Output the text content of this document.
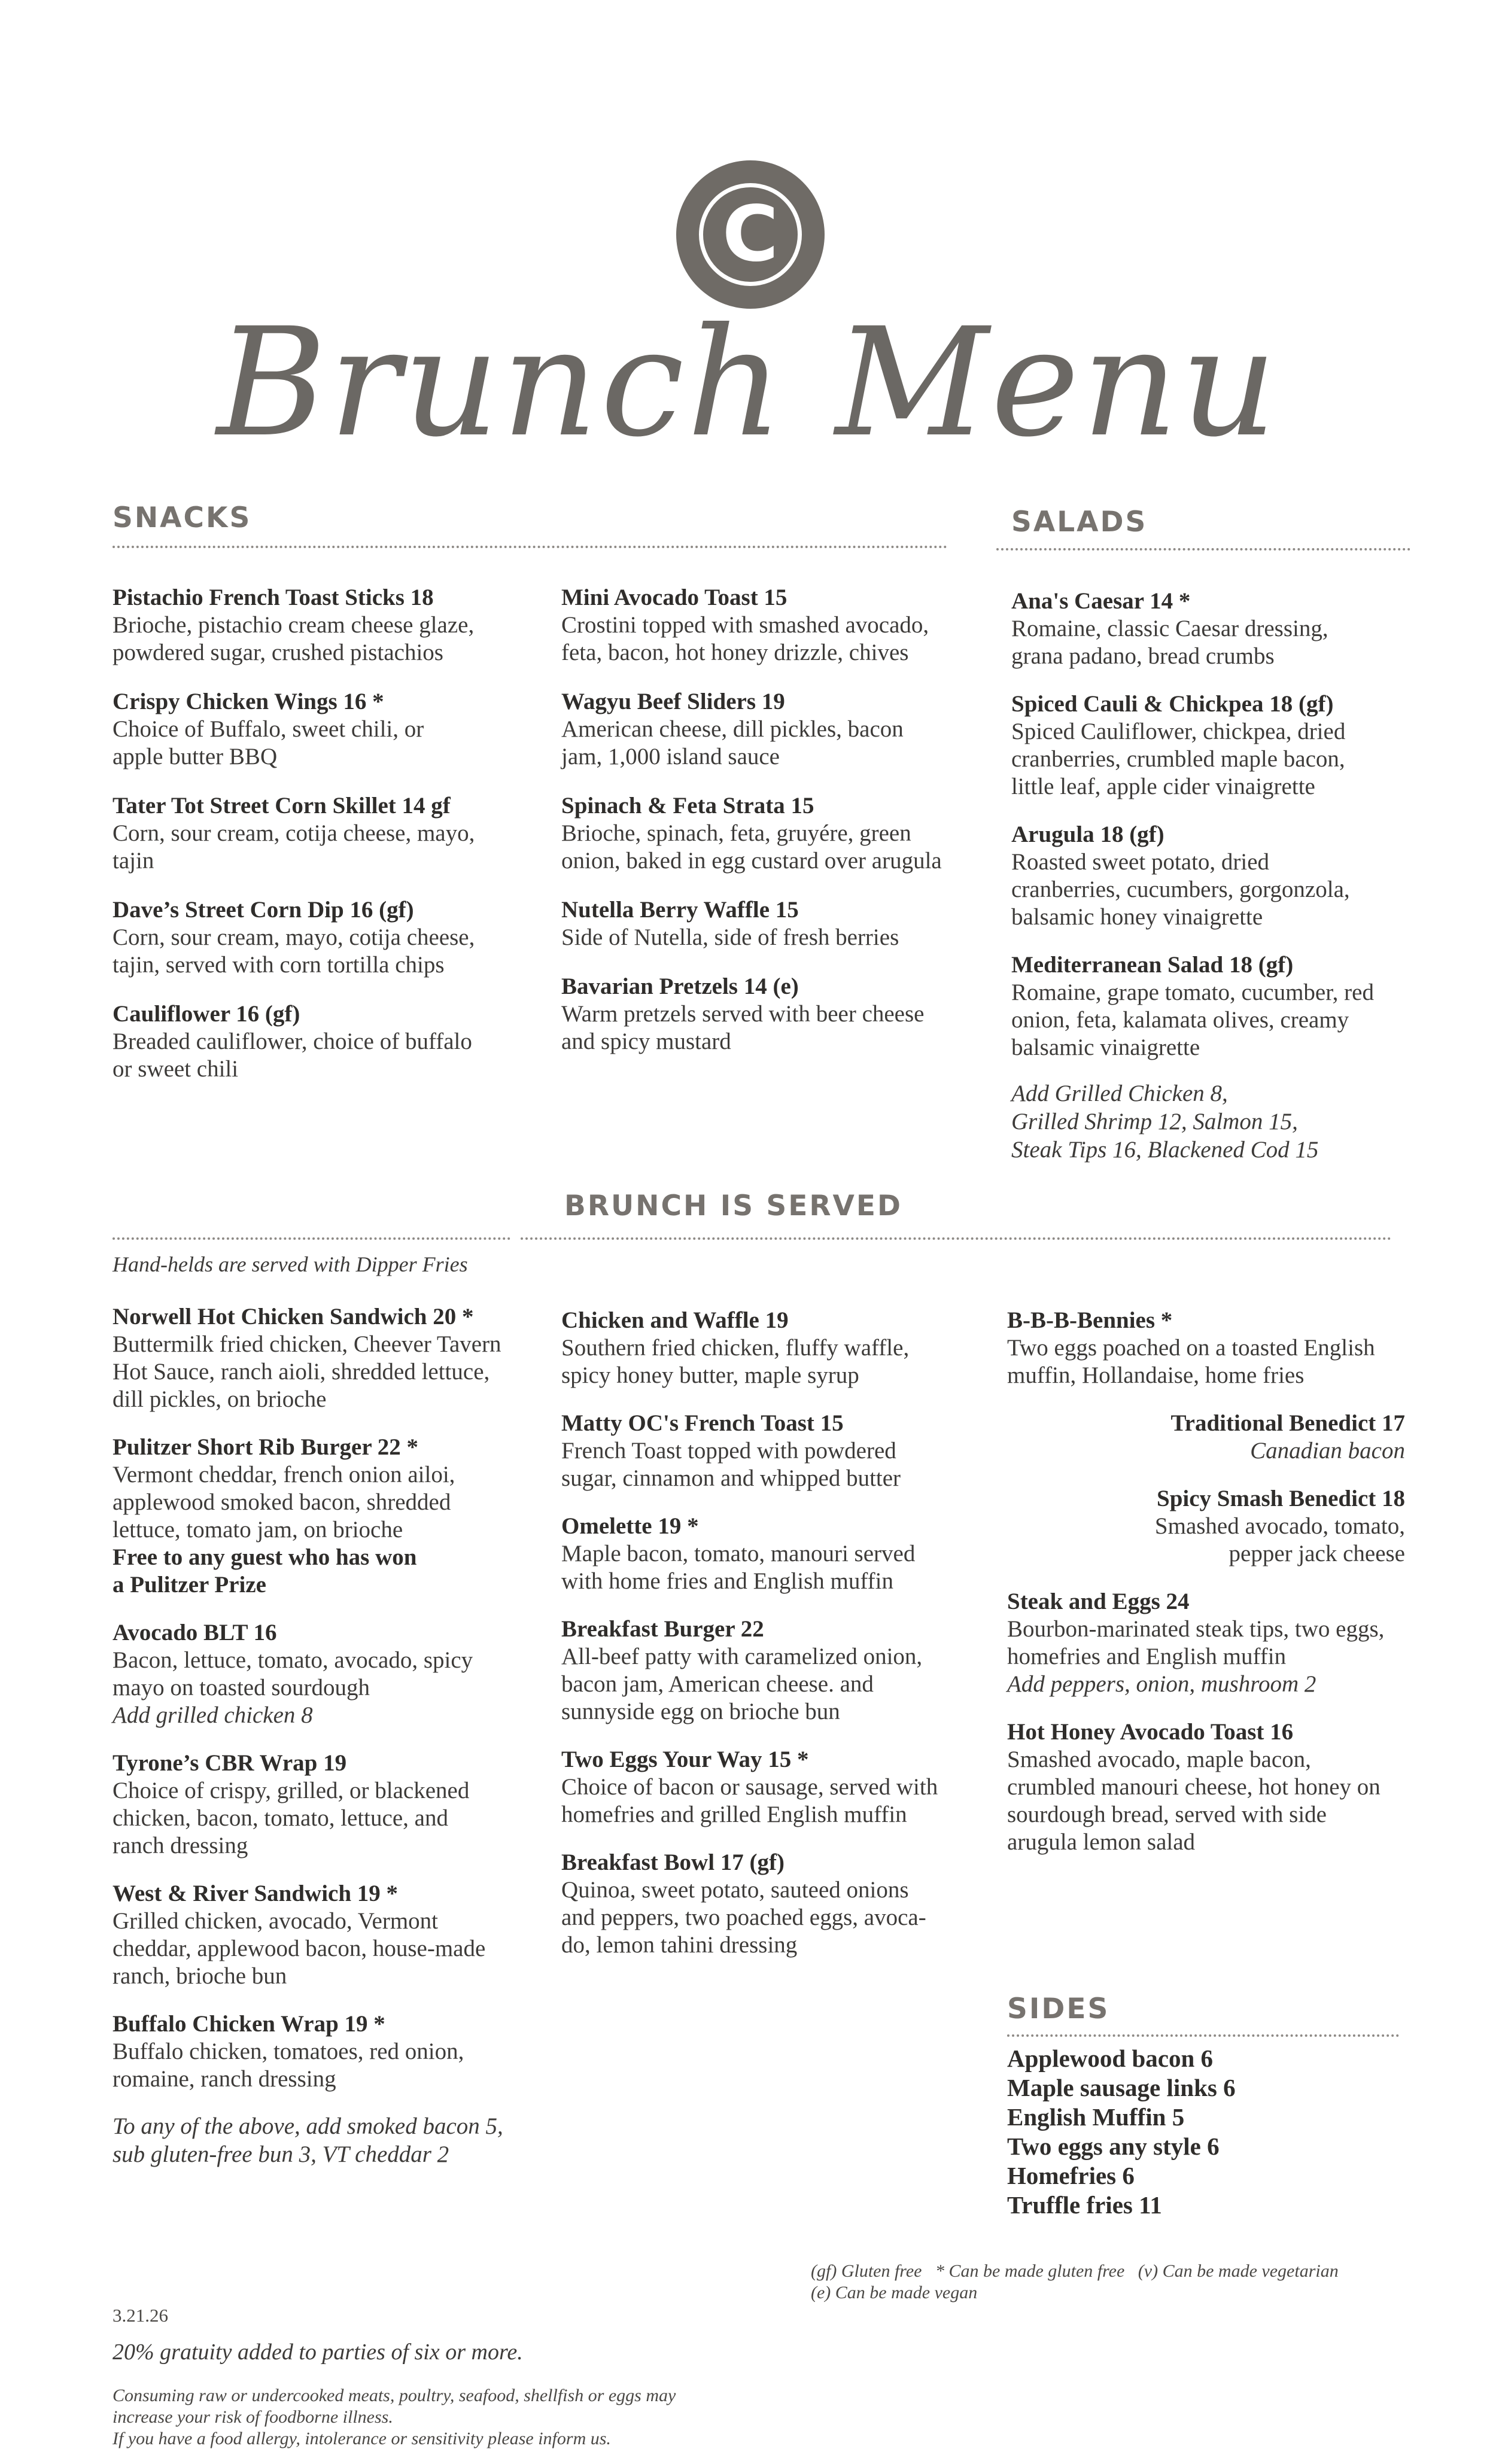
C
Brunch Menu
SNACKS
Pistachio French Toast Sticks 18
Brioche, pistachio cream cheese glaze,
powdered sugar, crushed pistachios
Crispy Chicken Wings 16 *
Choice of Buffalo, sweet chili, or
apple butter BBQ
Tater Tot Street Corn Skillet 14 gf
Corn, sour cream, cotija cheese, mayo,
tajin
Dave’s Street Corn Dip 16 (gf)
Corn, sour cream, mayo, cotija cheese,
tajin, served with corn tortilla chips
Cauliflower 16 (gf)
Breaded cauliflower, choice of buffalo
or sweet chili
Mini Avocado Toast 15
Crostini topped with smashed avocado,
feta, bacon, hot honey drizzle, chives
Wagyu Beef Sliders 19
American cheese, dill pickles, bacon
jam, 1,000 island sauce
Spinach & Feta Strata 15
Brioche, spinach, feta, gruyére, green
onion, baked in egg custard over arugula
Nutella Berry Waffle 15
Side of Nutella, side of fresh berries
Bavarian Pretzels 14 (e)
Warm pretzels served with beer cheese
and spicy mustard
SALADS
Ana's Caesar 14 *
Romaine, classic Caesar dressing,
grana padano, bread crumbs
Spiced Cauli & Chickpea 18 (gf)
Spiced Cauliflower, chickpea, dried
cranberries, crumbled maple bacon,
little leaf, apple cider vinaigrette
Arugula 18 (gf)
Roasted sweet potato, dried
cranberries, cucumbers, gorgonzola,
balsamic honey vinaigrette
Mediterranean Salad 18 (gf)
Romaine, grape tomato, cucumber, red
onion, feta, kalamata olives, creamy
balsamic vinaigrette
Add Grilled Chicken 8,
Grilled Shrimp 12, Salmon 15,
Steak Tips 16, Blackened Cod 15
BRUNCH IS SERVED
Hand-helds are served with Dipper Fries
Norwell Hot Chicken Sandwich 20 *
Buttermilk fried chicken, Cheever Tavern
Hot Sauce, ranch aioli, shredded lettuce,
dill pickles, on brioche
Pulitzer Short Rib Burger 22 *
Vermont cheddar, french onion ailoi,
applewood smoked bacon, shredded
lettuce, tomato jam, on brioche
Free to any guest who has won
a Pulitzer Prize
Avocado BLT 16
Bacon, lettuce, tomato, avocado, spicy
mayo on toasted sourdough
Add grilled chicken 8
Tyrone’s CBR Wrap 19
Choice of crispy, grilled, or blackened
chicken, bacon, tomato, lettuce, and
ranch dressing
West & River Sandwich 19 *
Grilled chicken, avocado, Vermont
cheddar, applewood bacon, house-made
ranch, brioche bun
Buffalo Chicken Wrap 19 *
Buffalo chicken, tomatoes, red onion,
romaine, ranch dressing
To any of the above, add smoked bacon 5,
sub gluten-free bun 3, VT cheddar 2
Chicken and Waffle 19
Southern fried chicken, fluffy waffle,
spicy honey butter, maple syrup
Matty OC's French Toast 15
French Toast topped with powdered
sugar, cinnamon and whipped butter
Omelette 19 *
Maple bacon, tomato, manouri served
with home fries and English muffin
Breakfast Burger 22
All-beef patty with caramelized onion,
bacon jam, American cheese. and
sunnyside egg on brioche bun
Two Eggs Your Way 15 *
Choice of bacon or sausage, served with
homefries and grilled English muffin
Breakfast Bowl 17 (gf)
Quinoa, sweet potato, sauteed onions
and peppers, two poached eggs, avoca-
do, lemon tahini dressing
B-B-B-Bennies *
Two eggs poached on a toasted English
muffin, Hollandaise, home fries
Traditional Benedict 17
Canadian bacon
Spicy Smash Benedict 18
Smashed avocado, tomato,
pepper jack cheese
Steak and Eggs 24
Bourbon-marinated steak tips, two eggs,
homefries and English muffin
Add peppers, onion, mushroom 2
Hot Honey Avocado Toast 16
Smashed avocado, maple bacon,
crumbled manouri cheese, hot honey on
sourdough bread, served with side
arugula lemon salad
SIDES
Applewood bacon 6
Maple sausage links 6
English Muffin 5
Two eggs any style 6
Homefries 6
Truffle fries 11
(gf) Gluten free   * Can be made gluten free   (v) Can be made vegetarian
(e) Can be made vegan
3.21.26
20% gratuity added to parties of six or more.
Consuming raw or undercooked meats, poultry, seafood, shellfish or eggs may
increase your risk of foodborne illness.
If you have a food allergy, intolerance or sensitivity please inform us.
